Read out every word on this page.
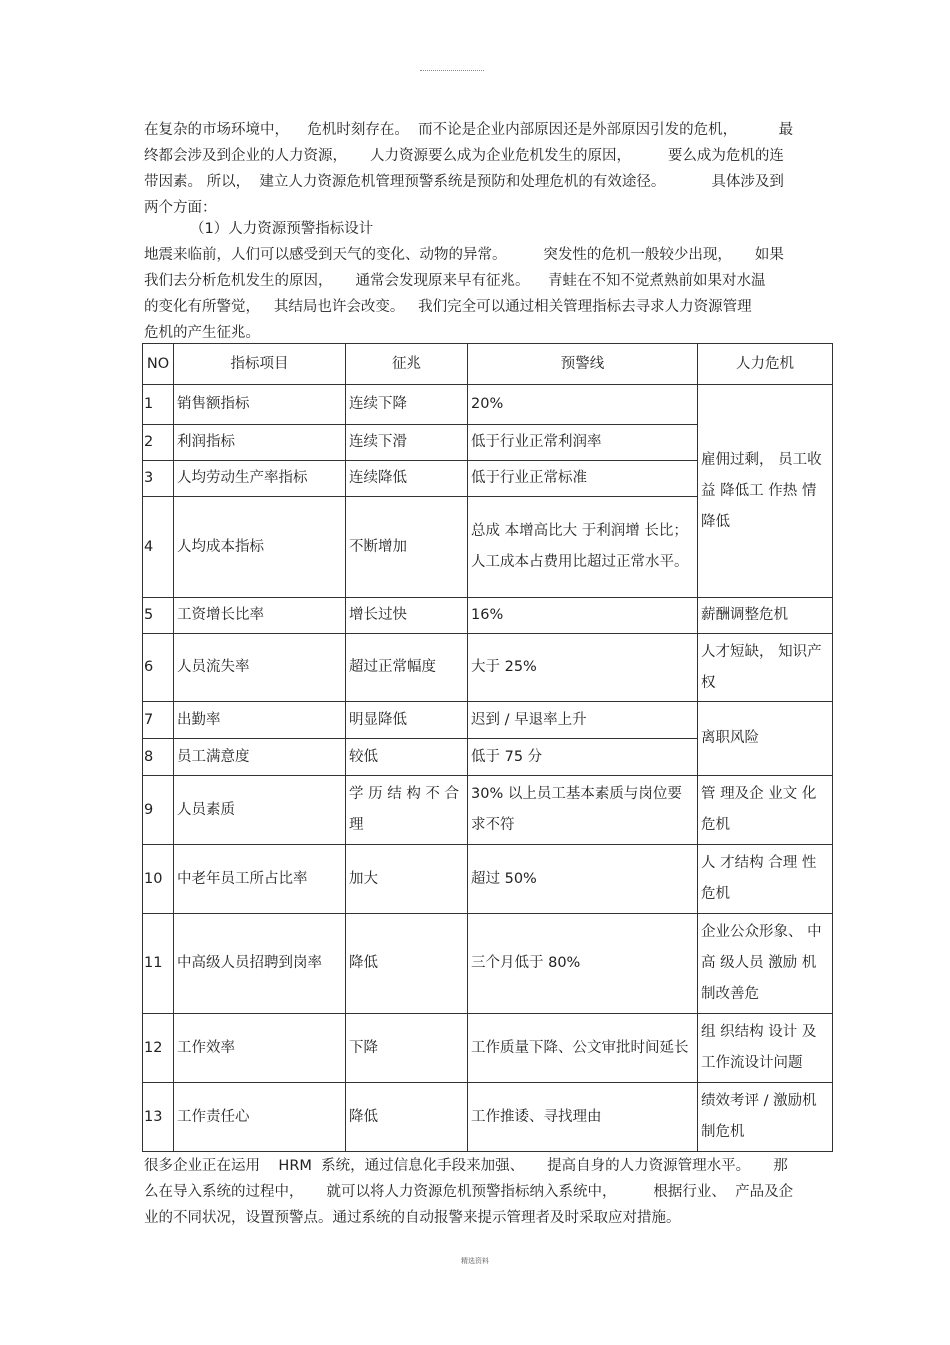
在复杂的市场环境中，    危机时刻存在。  而不论是企业内部原因还是外部原因引发的危机，         最
终都会涉及到企业的人力资源，     人力资源要么成为企业危机发生的原因，        要么成为危机的连
带因素。 所以，  建立人力资源危机管理预警系统是预防和处理危机的有效途径。          具体涉及到
两个方面：
（1）人力资源预警指标设计
地震来临前，人们可以感受到天气的变化、动物的异常。        突发性的危机一般较少出现，     如果
我们去分析危机发生的原因，     通常会发现原来早有征兆。    青蛙在不知不觉煮熟前如果对水温
的变化有所警觉，   其结局也许会改变。   我们完全可以通过相关管理指标去寻求人力资源管理
危机的产生征兆。
NO	指标项目	征兆	预警线	人力危机
1	销售额指标	连续下降	20%	雇佣过剩， 员工收益 降低工 作热 情降低
2	利润指标	连续下滑	低于行业正常利润率	
3	人均劳动生产率指标	连续降低	低于行业正常标准	
4	人均成本指标	不断增加	总成 本增高比大 于利润增 长比；人工成本占费用比超过正常水平。	
5	工资增长比率	增长过快	16%	薪酬调整危机
6	人员流失率	超过正常幅度	大于 25%	人才短缺， 知识产权
7	出勤率	明显降低	迟到 / 早退率上升	离职风险
8	员工满意度	较低	低于 75 分	
9	人员素质	学 历 结 构 不 合 理	30% 以上员工基本素质与岗位要求不符	管 理及企 业文 化危机
10	中老年员工所占比率	加大	超过 50%	人 才结构 合理 性危机
11	中高级人员招聘到岗率	降低	三个月低于 80%	企业公众形象、 中高 级人员 激励 机制改善危
12	工作效率	下降	工作质量下降、公文审批时间延长	组 织结构 设计 及工作流设计问题
13	工作责任心	降低	工作推诿、寻找理由	绩效考评 / 激励机制危机
很多企业正在运用    HRM  系统，通过信息化手段来加强、     提高自身的人力资源管理水平。     那
么在导入系统的过程中，     就可以将人力资源危机预警指标纳入系统中，        根据行业、  产品及企
业的不同状况，设置预警点。通过系统的自动报警来提示管理者及时采取应对措施。
精选资料
